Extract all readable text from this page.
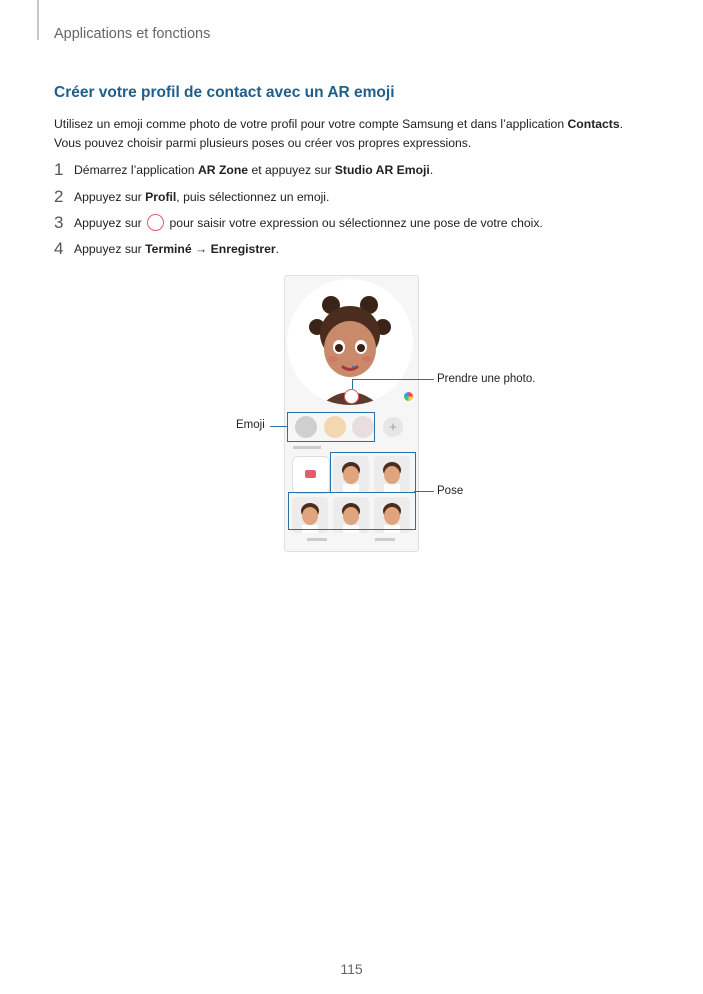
Applications et fonctions
Créer votre profil de contact avec un AR emoji
Utilisez un emoji comme photo de votre profil pour votre compte Samsung et dans l’application Contacts.
Vous pouvez choisir parmi plusieurs poses ou créer vos propres expressions.
1 Démarrez l’application AR Zone et appuyez sur Studio AR Emoji.
2 Appuyez sur Profil, puis sélectionnez un emoji.
3 Appuyez sur  pour saisir votre expression ou sélectionnez une pose de votre choix.
4 Appuyez sur Terminé → Enregistrer.
+
Prendre une photo.
Emoji
Pose
115
